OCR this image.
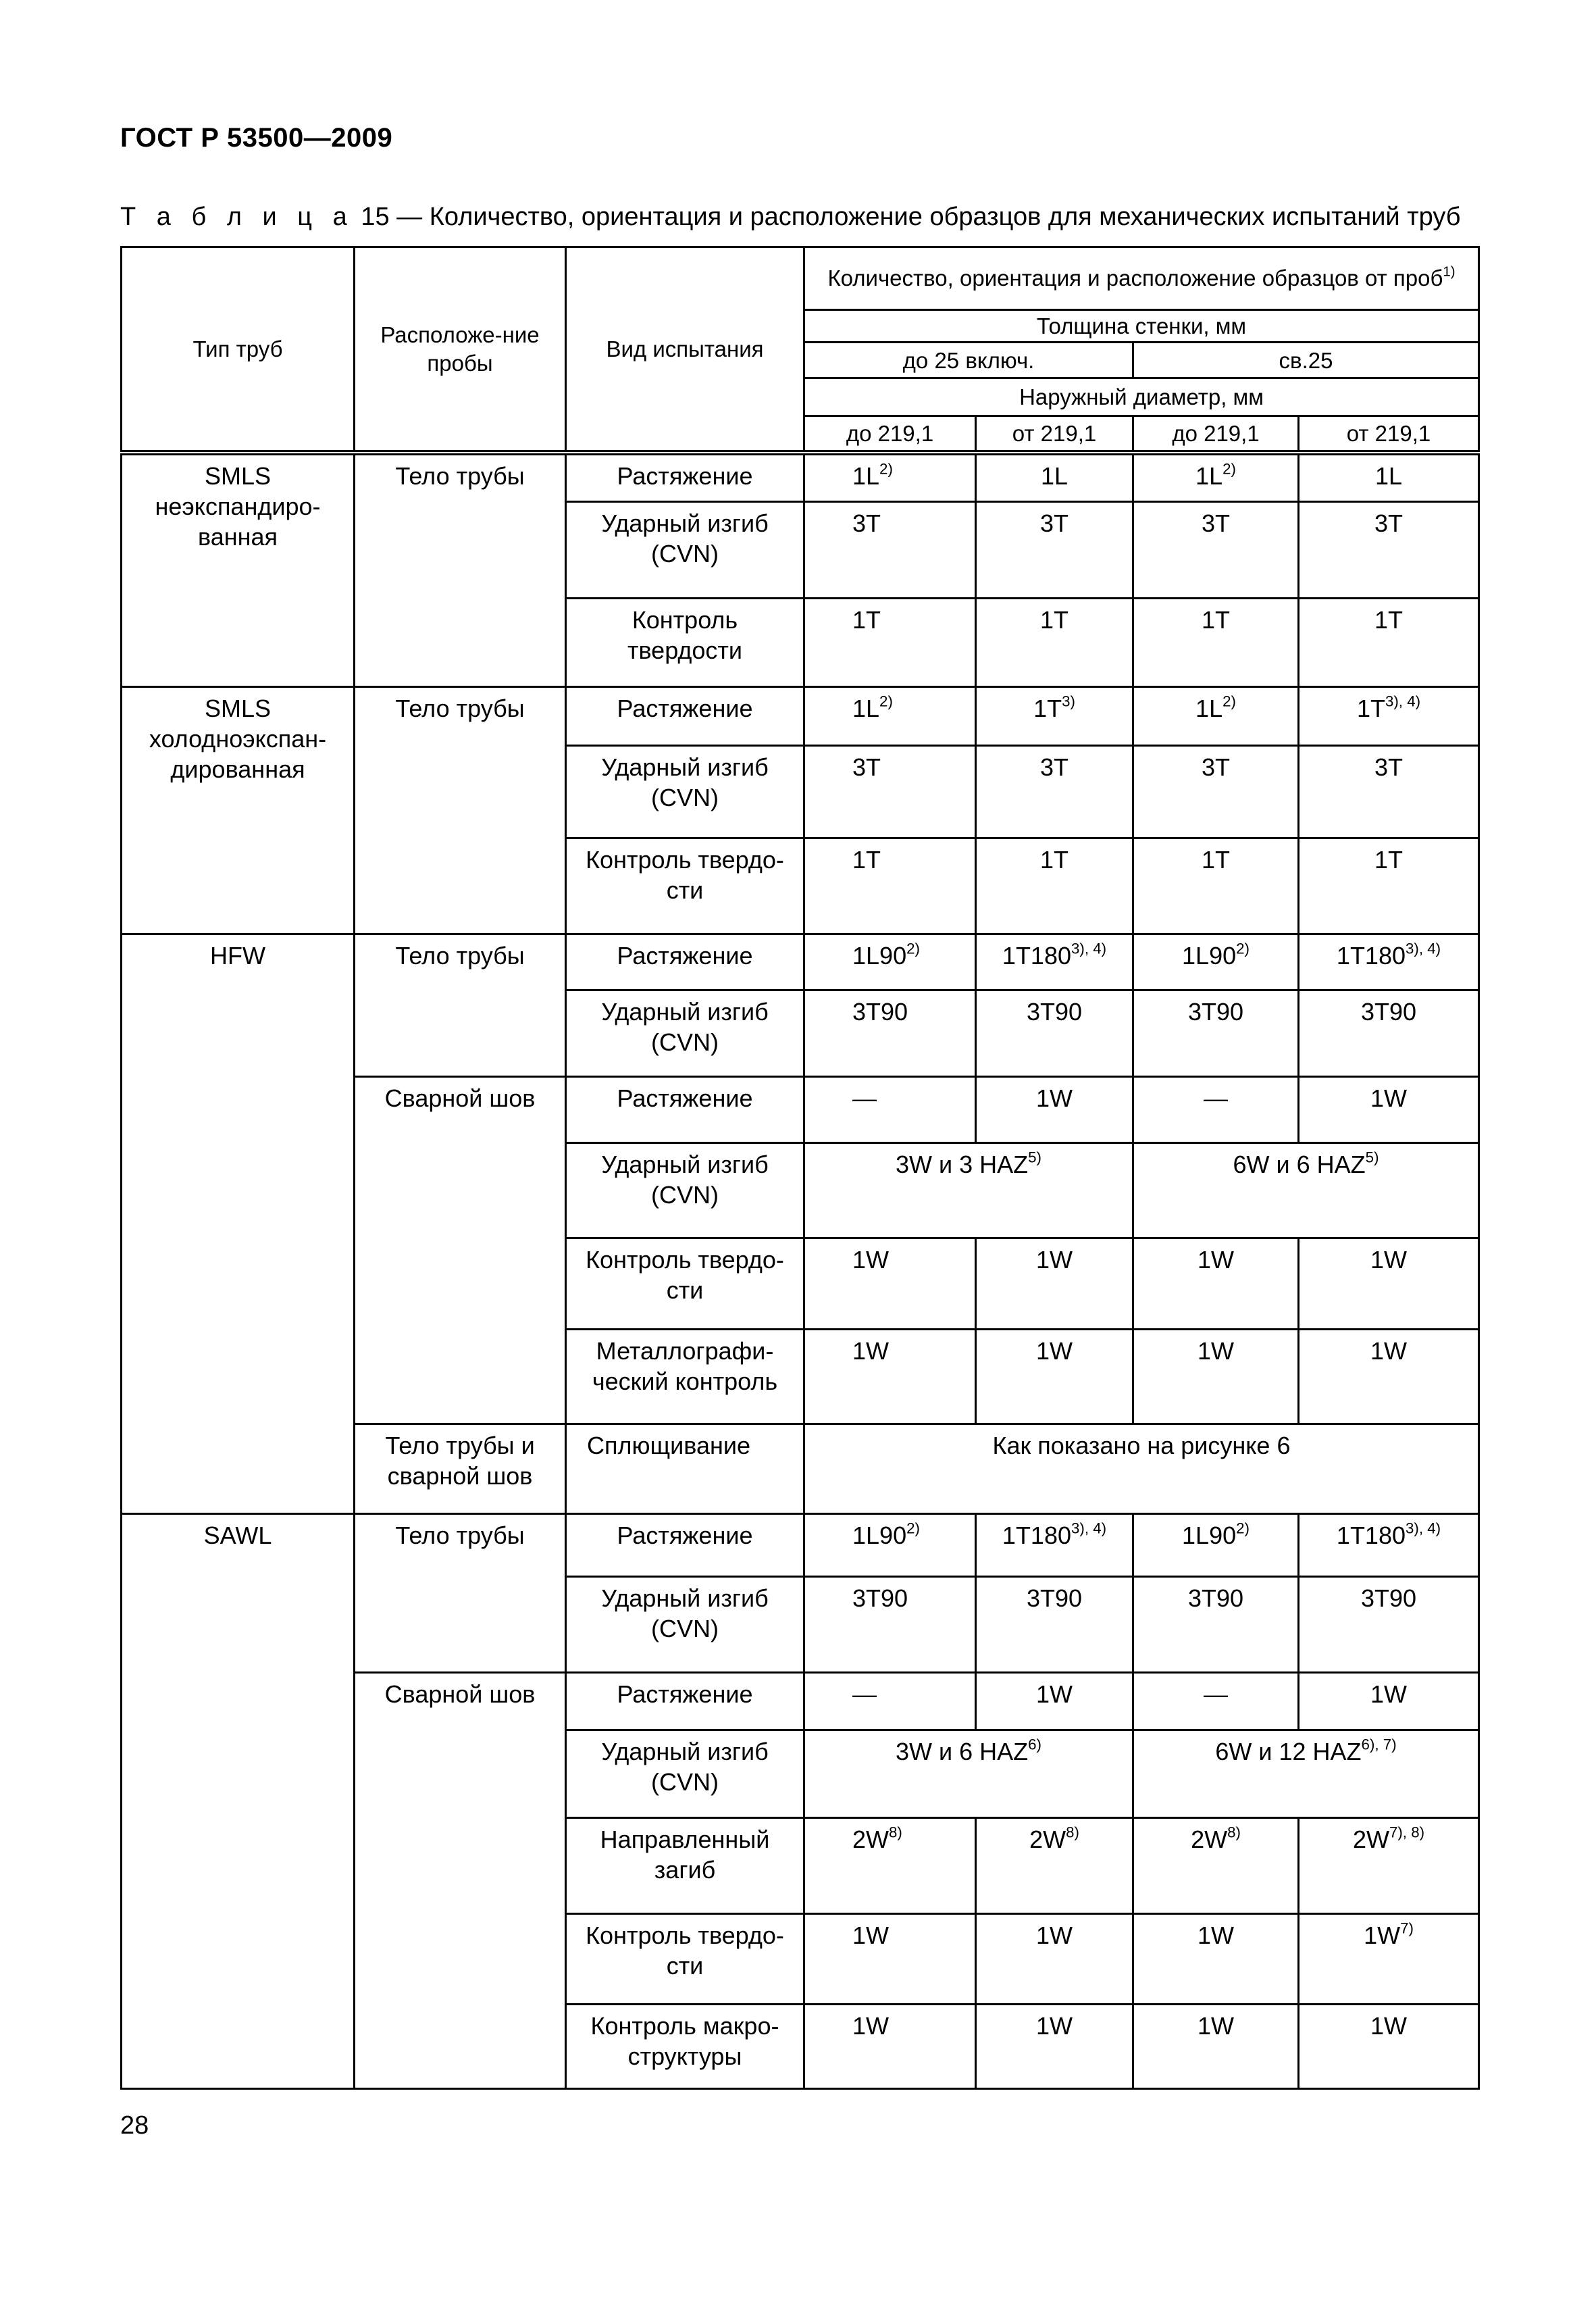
ГОСТ Р 53500—2009
Т а б л и ц а 15 — Количество, ориентация и расположение образцов для механических испытаний труб
Тип труб	Расположе-ние пробы	Вид испытания	Количество, ориентация и расположение образцов от проб$^{1)}$
			Толщина стенки, мм			
			до 25 включ.		св.25	
			Наружный диаметр, мм			
			до 219,1	от 219,1	до 219,1	от 219,1
SMLS неэкспандиро-ванная	Тело трубы	Растяжение	$1L^{2)}$	1L	$1L^{2)}$	1L
		Ударный изгиб (CVN)	3T	3T	3T	3T
		Контроль твердости	1T	1T	1T	1T
SMLS холодноэкспан-дированная	Тело трубы	Растяжение	$1L^{2)}$	$1T^{3)}$	$1L^{2)}$	$1T^{3), 4)}$
		Ударный изгиб (CVN)	3T	3T	3T	3T
		Контроль твердо-сти	1T	1T	1T	1T
HFW	Тело трубы	Растяжение	1L90$^{2)}$	$1T180^{3), 4)}$	1L90$^{2)}$	$1T180^{3), 4)}$
		Ударный изгиб (CVN)	3T90	3T90	3T90	3T90
	Сварной шов	Растяжение	—	1W	—	1W
		Ударный изгиб (CVN)	3W и 3 HAZ$^{5)}$		6W и 6 HAZ$^{5)}$
		Контроль твердо-сти	1W	1W	1W	1W
		Металлографи-ческий контроль	1W	1W	1W	1W
	Тело трубы и сварной шов	Сплющивание	Как показано на рисунке 6			
SAWL	Тело трубы	Растяжение	1L90$^{2)}$	$1T180^{3), 4)}$	1L90$^{2)}$	$1T180^{3), 4)}$
		Ударный изгиб (CVN)	3T90	3T90	3T90	3T90
	Сварной шов	Растяжение	—	1W	—	1W
		Ударный изгиб (CVN)	3W и 6 HAZ$^{6)}$		6W и 12 $HAZ^{6), 7)}$
		Направленный загиб	$2W^{8)}$	$2W^{8)}$	$2W^{8)}$	$2W^{7), 8)}$
		Контроль твердо-сти	1W	1W	1W	$1W^{7)}$
		Контроль макро-структуры	1W	1W	1W	1W
28
